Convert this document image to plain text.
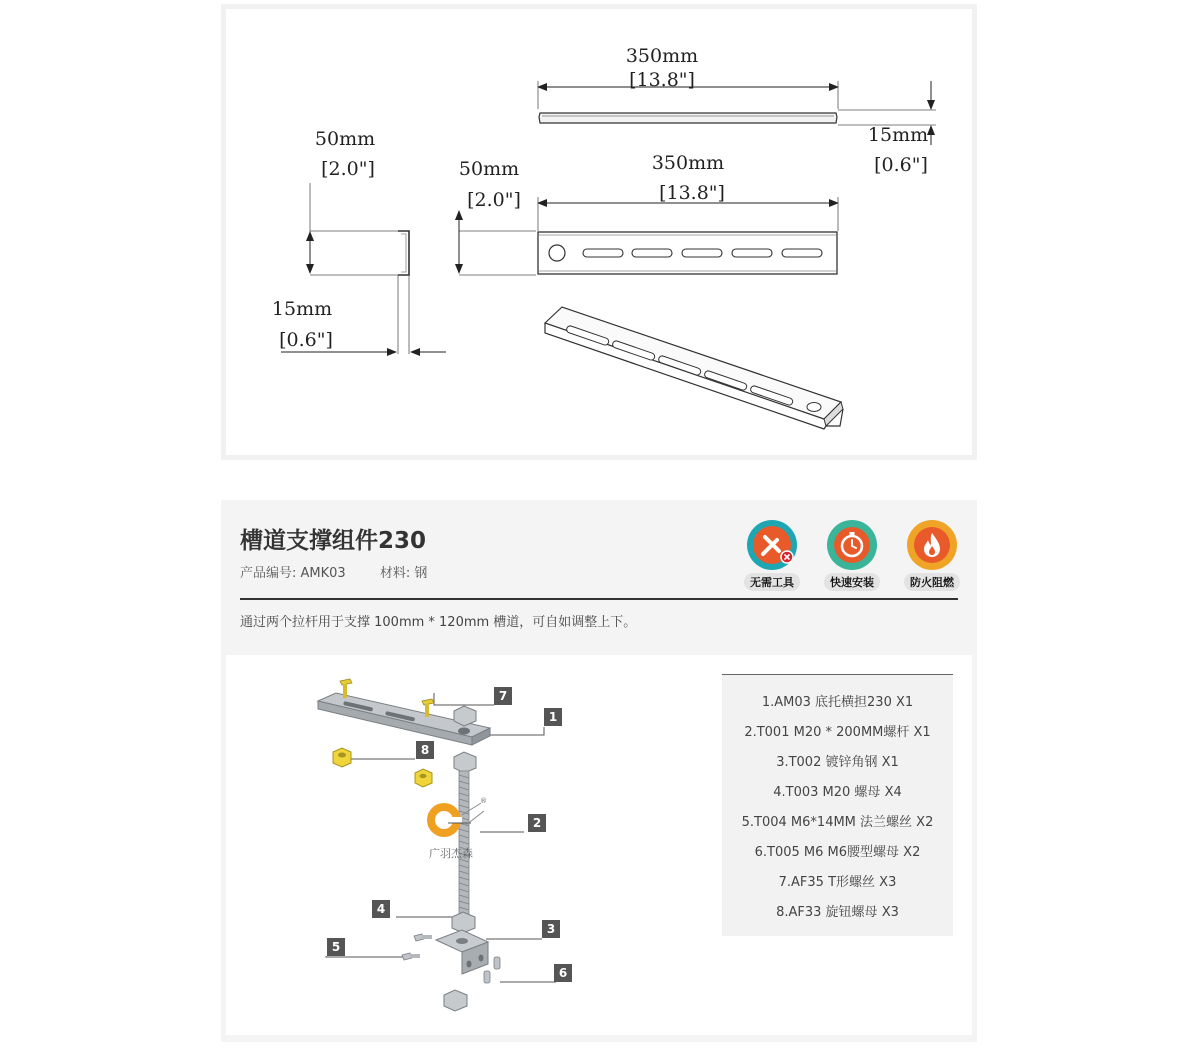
350mm
[13.8"]
15mm
[0.6"]
350mm
[13.8"]
50mm
[2.0"]
50mm
[2.0"]
15mm
[0.6"]
槽道支撑组件230
产品编号: AMK03	材料: 钢
无需工具	快速安装	防火阻燃
通过两个拉杆用于支撑 100mm * 120mm 槽道，可自如调整上下。
®
广羽杰森
1
2
3
4
5
6
7
8
1.AM03 底托横担230 X1
2.T001 M20 * 200MM螺杆 X1
3.T002 镀锌角钢 X1
4.T003 M20 螺母 X4
5.T004 M6*14MM 法兰螺丝 X2
6.T005 M6 M6腰型螺母 X2
7.AF35 T形螺丝 X3
8.AF33 旋钮螺母 X3
